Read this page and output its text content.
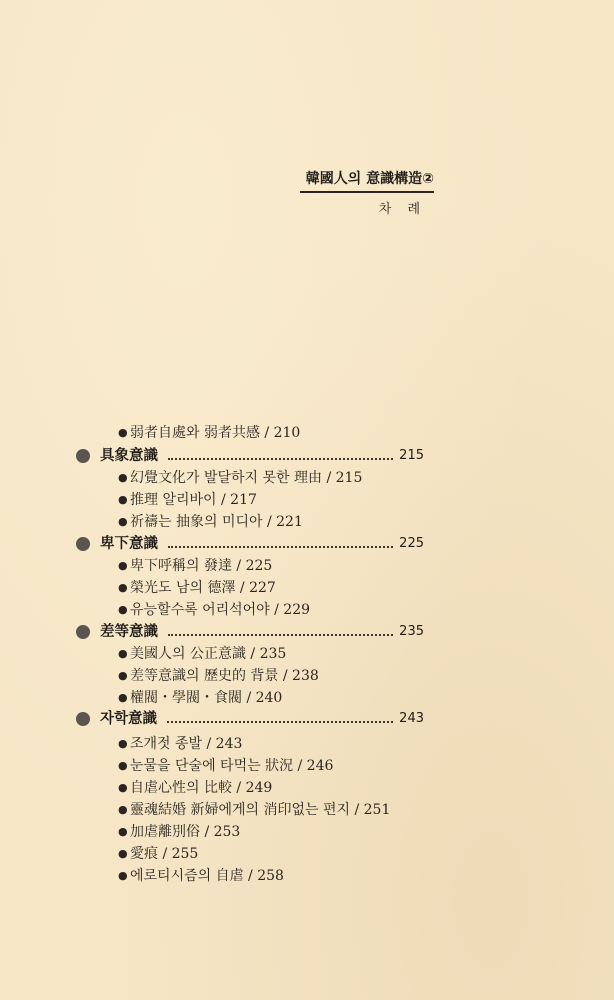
韓國人의 意識構造②
차 례
● 弱者自處와 弱者共感 / 210
具象意識	215
● 幻覺文化가 발달하지 못한 理由 / 215
● 推理 알리바이 / 217
● 祈禱는 抽象의 미디아 / 221
卑下意識	225
● 卑下呼稱의 發達 / 225
● 榮光도 남의 德澤 / 227
● 유능할수록 어리석어야 / 229
差等意識	235
● 美國人의 公正意識 / 235
● 差等意識의 歷史的 背景 / 238
● 權閥・學閥・食閥 / 240
자학意識	243
● 조개젓 종발 / 243
● 눈물을 단술에 타먹는 狀況 / 246
● 自虐心性의 比較 / 249
● 靈魂結婚 新婦에게의 消印없는 편지 / 251
● 加虐離別俗 / 253
● 愛痕 / 255
● 에로티시즘의 自虐 / 258
